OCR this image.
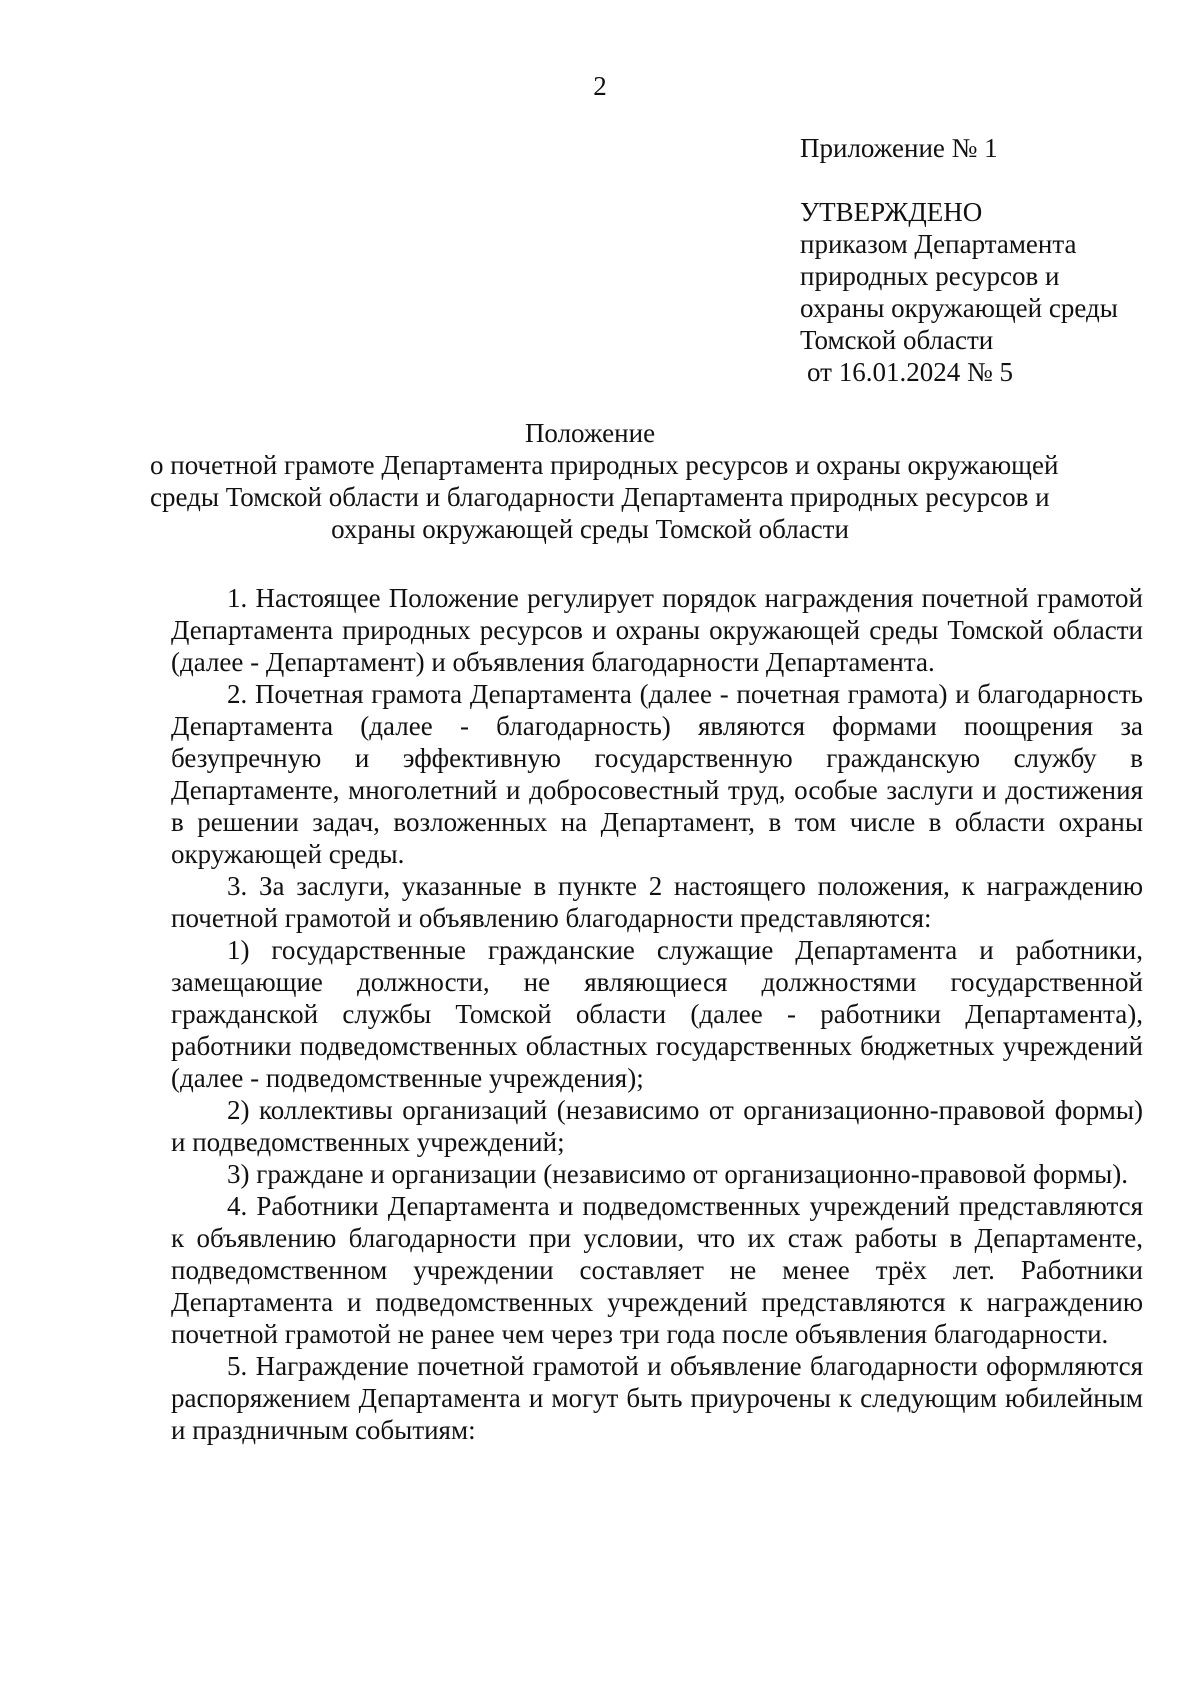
2
Приложение № 1
УТВЕРЖДЕНО
приказом Департамента
природных ресурсов и
охраны окружающей среды
Томской области
от 16.01.2024 № 5
Положение
о почетной грамоте Департамента природных ресурсов и охраны окружающей
среды Томской области и благодарности Департамента природных ресурсов и
охраны окружающей среды Томской области

1. Настоящее Положение регулирует порядок награждения почетной грамотой Департамента природных ресурсов и охраны окружающей среды Томской области (далее - Департамент) и объявления благодарности Департамента.

2. Почетная грамота Департамента (далее - почетная грамота) и благодарность Департамента (далее - благодарность) являются формами поощрения за безупречную и эффективную государственную гражданскую службу в Департаменте, многолетний и добросовестный труд, особые заслуги и достижения в решении задач, возложенных на Департамент, в том числе в области охраны окружающей среды.

3. За заслуги, указанные в пункте 2 настоящего положения, к награждению почетной грамотой и объявлению благодарности представляются:

1) государственные гражданские служащие Департамента и работники, замещающие должности, не являющиеся должностями государственной гражданской службы Томской области (далее - работники Департамента), работники подведомственных областных государственных бюджетных учреждений (далее - подведомственные учреждения);

2) коллективы организаций (независимо от организационно-правовой формы) и подведомственных учреждений;

3) граждане и организации (независимо от организационно-правовой формы).

4. Работники Департамента и подведомственных учреждений представляются к объявлению благодарности при условии, что их стаж работы в Департаменте, подведомственном учреждении составляет не менее трёх лет. Работники Департамента и подведомственных учреждений представляются к награждению почетной грамотой не ранее чем через три года после объявления благодарности.

5. Награждение почетной грамотой и объявление благодарности оформляются распоряжением Департамента и могут быть приурочены к следующим юбилейным и праздничным событиям:
